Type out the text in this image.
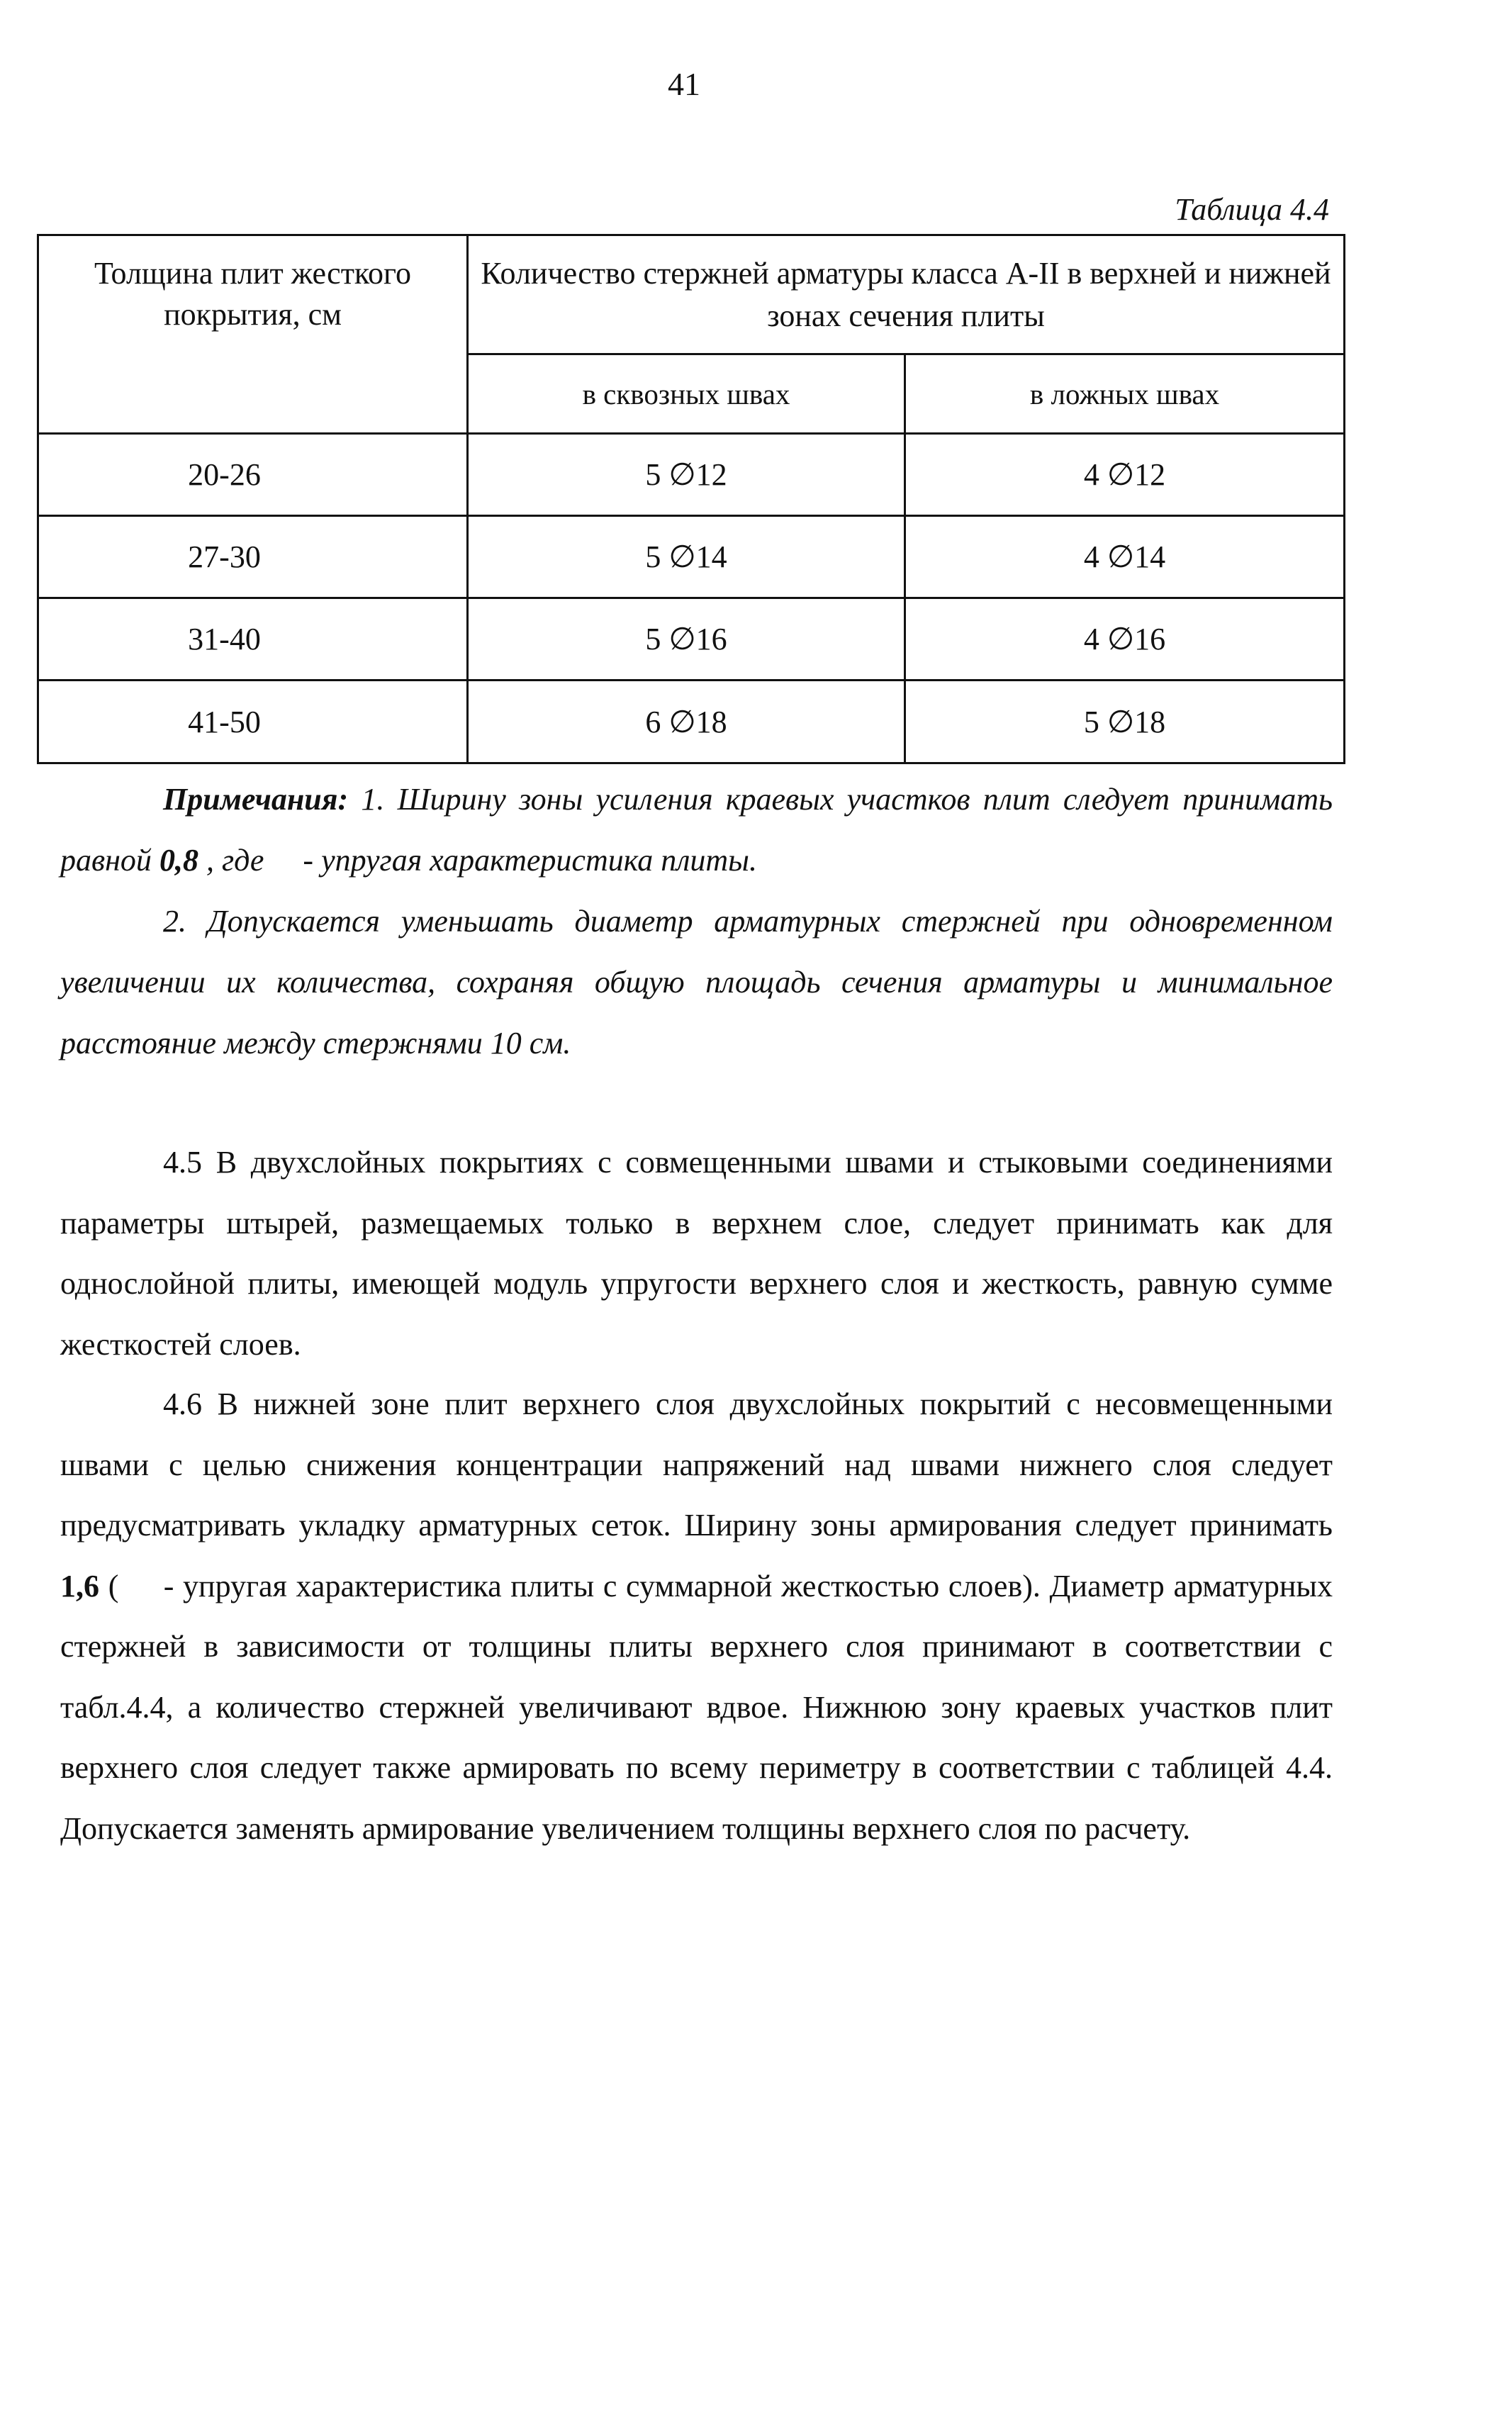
41
Таблица 4.4
Толщина плит жесткого покрытия, см	Количество стержней арматуры класса А-II в верхней и нижней зонах сечения плиты	
	в сквозных швах	в ложных швах
20-26	5 ∅12	4 ∅12
27-30	5 ∅14	4 ∅14
31-40	5 ∅16	4 ∅16
41-50	6 ∅18	5 ∅18

Примечания: 1. Ширину зоны усиления краевых участков плит следует принимать равной 0,8 , где     - упругая характеристика плиты.

2. Допускается уменьшать диаметр арматурных стержней при одновременном увеличении их количества, сохраняя общую площадь сечения арматуры и минимальное расстояние между стержнями 10 см.

4.5 В двухслойных покрытиях с совмещенными швами и стыковыми соединениями параметры штырей, размещаемых только в верхнем слое, следует принимать как для однослойной плиты, имеющей модуль упругости верхнего слоя и жесткость, равную сумме жесткостей слоев.

4.6 В нижней зоне плит верхнего слоя двухслойных покрытий с несовмещенными швами с целью снижения концентрации напряжений над швами нижнего слоя следует предусматривать укладку арматурных сеток. Ширину зоны армирования следует принимать 1,6 (     - упругая характеристика плиты с суммарной жесткостью слоев). Диаметр арматурных стержней в зависимости от толщины плиты верхнего слоя принимают в соответствии с табл.4.4, а количество стержней увеличивают вдвое. Нижнюю зону краевых участков плит верхнего слоя следует также армировать по всему периметру в соответствии с таблицей 4.4. Допускается заменять армирование увеличением толщины верхнего слоя по расчету.
